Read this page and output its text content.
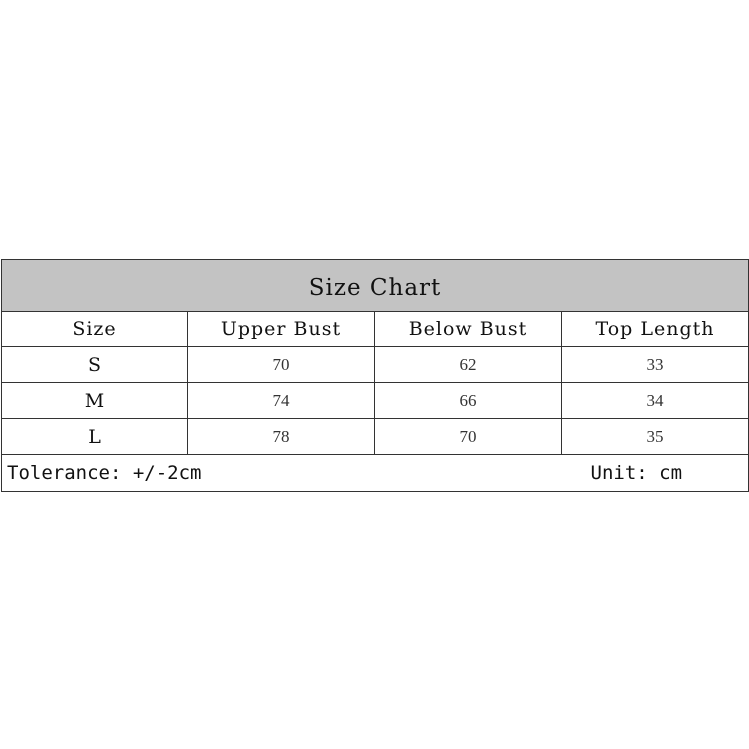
Size Chart			
Size	Upper Bust	Below Bust	Top Length
S	70	62	33
M	74	66	34
L	78	70	35

Tolerance: +/-2cm Unit: cm			
